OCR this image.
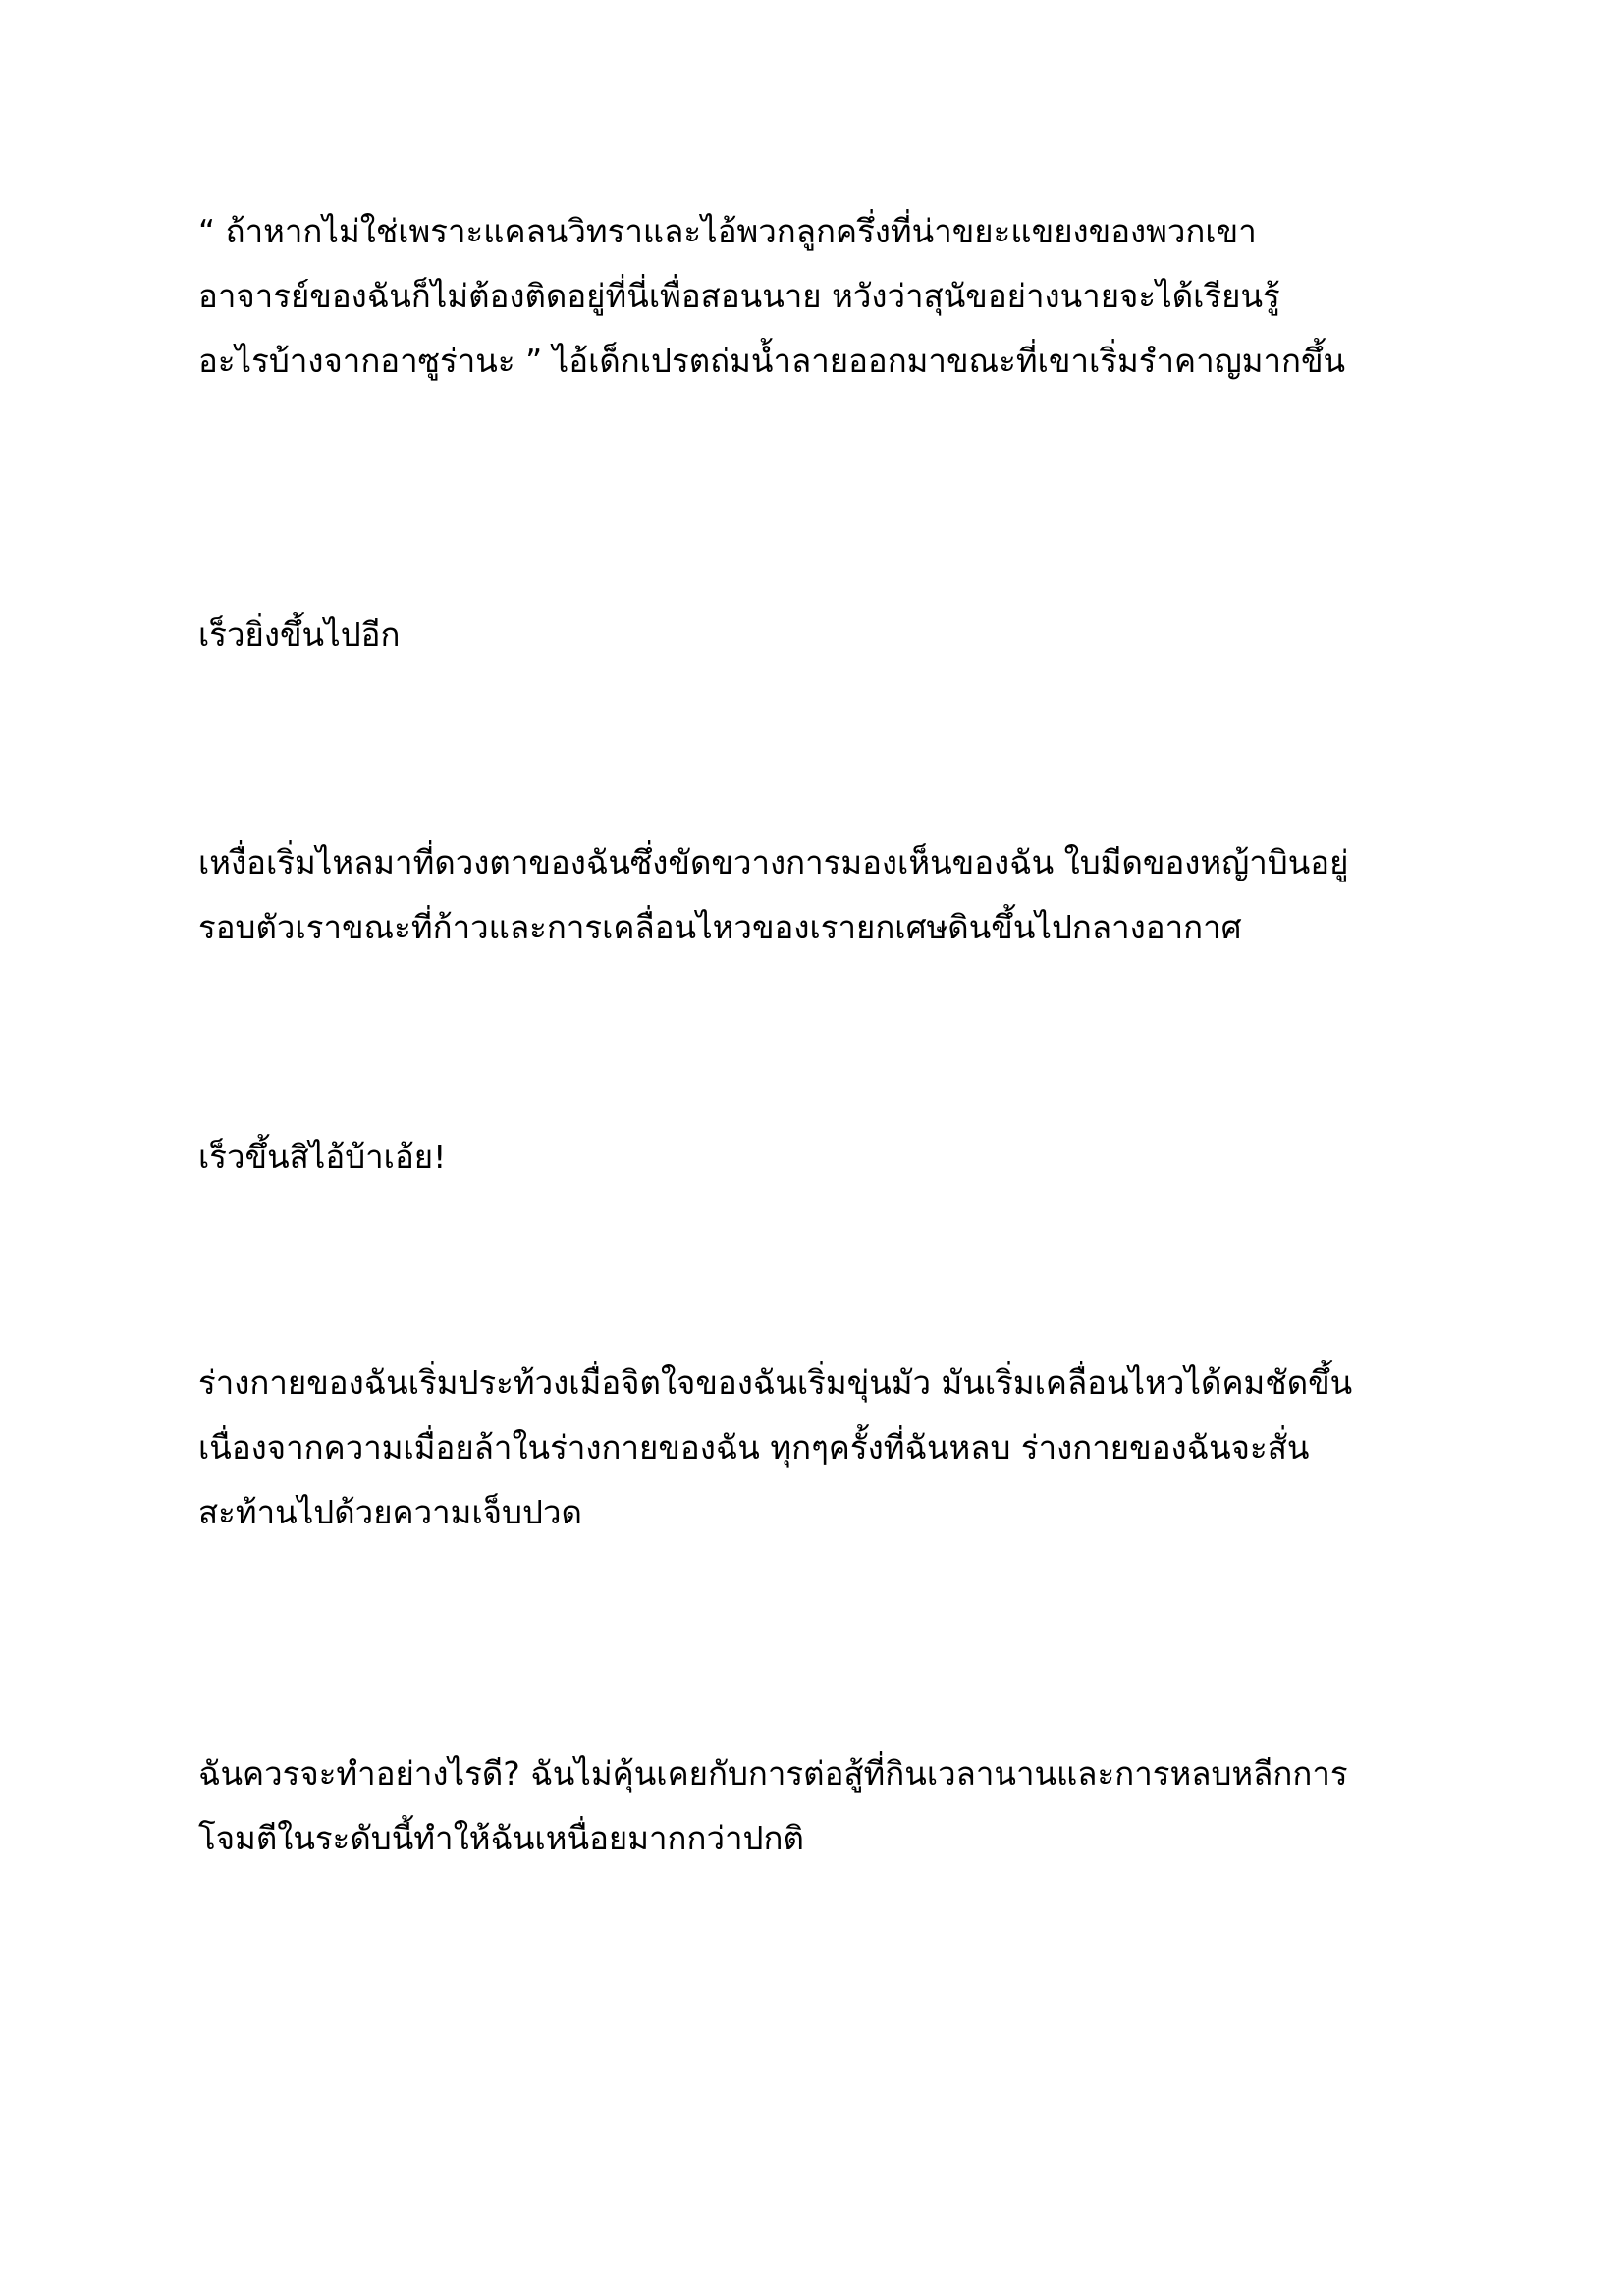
“ ถ้าหากไม่ใช่เพราะแคลนวิทราและไอ้พวกลูกครึ่งที่น่าขยะแขยงของพวกเขา
อาจารย์ของฉันก็ไม่ต้องติดอยู่ที่นี่เพื่อสอนนาย หวังว่าสุนัขอย่างนายจะได้เรียนรู้
อะไรบ้างจากอาซูร่านะ ” ไอ้เด็กเปรตถ่มน้ำลายออกมาขณะที่เขาเริ่มรำคาญมากขึ้น

เร็วยิ่งขึ้นไปอีก

เหงื่อเริ่มไหลมาที่ดวงตาของฉันซึ่งขัดขวางการมองเห็นของฉัน ใบมีดของหญ้าบินอยู่
รอบตัวเราขณะที่ก้าวและการเคลื่อนไหวของเรายกเศษดินขึ้นไปกลางอากาศ

เร็วขึ้นสิไอ้บ้าเอ้ย!

ร่างกายของฉันเริ่มประท้วงเมื่อจิตใจของฉันเริ่มขุ่นมัว มันเริ่มเคลื่อนไหวได้คมชัดขึ้น
เนื่องจากความเมื่อยล้าในร่างกายของฉัน ทุกๆครั้งที่ฉันหลบ ร่างกายของฉันจะสั่น
สะท้านไปด้วยความเจ็บปวด

ฉันควรจะทำอย่างไรดี? ฉันไม่คุ้นเคยกับการต่อสู้ที่กินเวลานานและการหลบหลีกการ
โจมตีในระดับนี้ทำให้ฉันเหนื่อยมากกว่าปกติ
